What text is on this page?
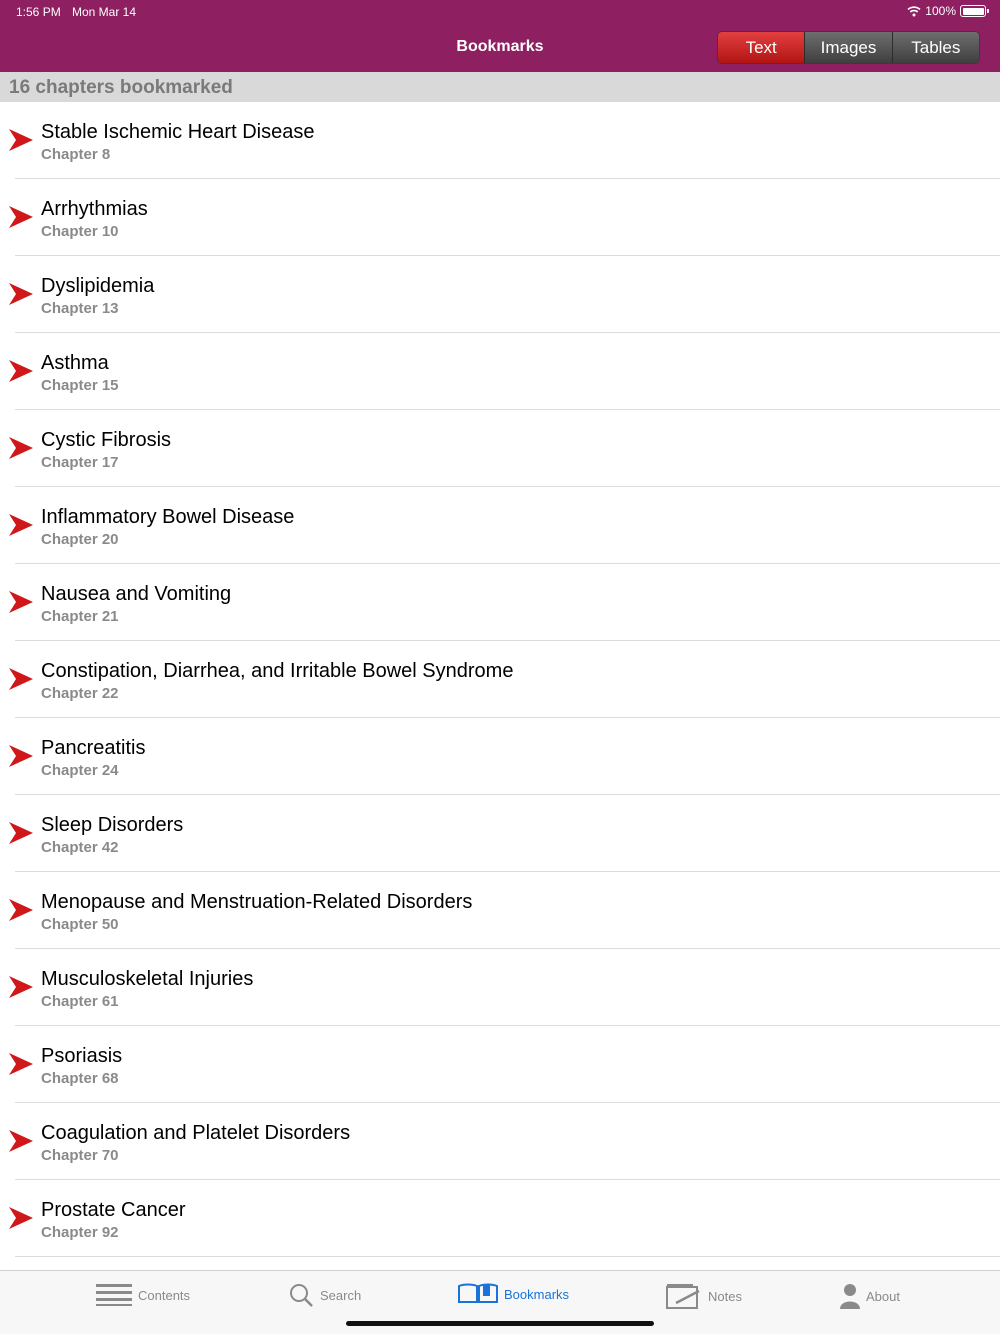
1:56 PM Mon Mar 14	100%
Bookmarks	Text	Images	Tables
16 chapters bookmarked
Stable Ischemic Heart Disease
Chapter 8
Arrhythmias
Chapter 10
Dyslipidemia
Chapter 13
Asthma
Chapter 15
Cystic Fibrosis
Chapter 17
Inflammatory Bowel Disease
Chapter 20
Nausea and Vomiting
Chapter 21
Constipation, Diarrhea, and Irritable Bowel Syndrome
Chapter 22
Pancreatitis
Chapter 24
Sleep Disorders
Chapter 42
Menopause and Menstruation-Related Disorders
Chapter 50
Musculoskeletal Injuries
Chapter 61
Psoriasis
Chapter 68
Coagulation and Platelet Disorders
Chapter 70
Prostate Cancer
Chapter 92
Contents	Search	Bookmarks	Notes	About
